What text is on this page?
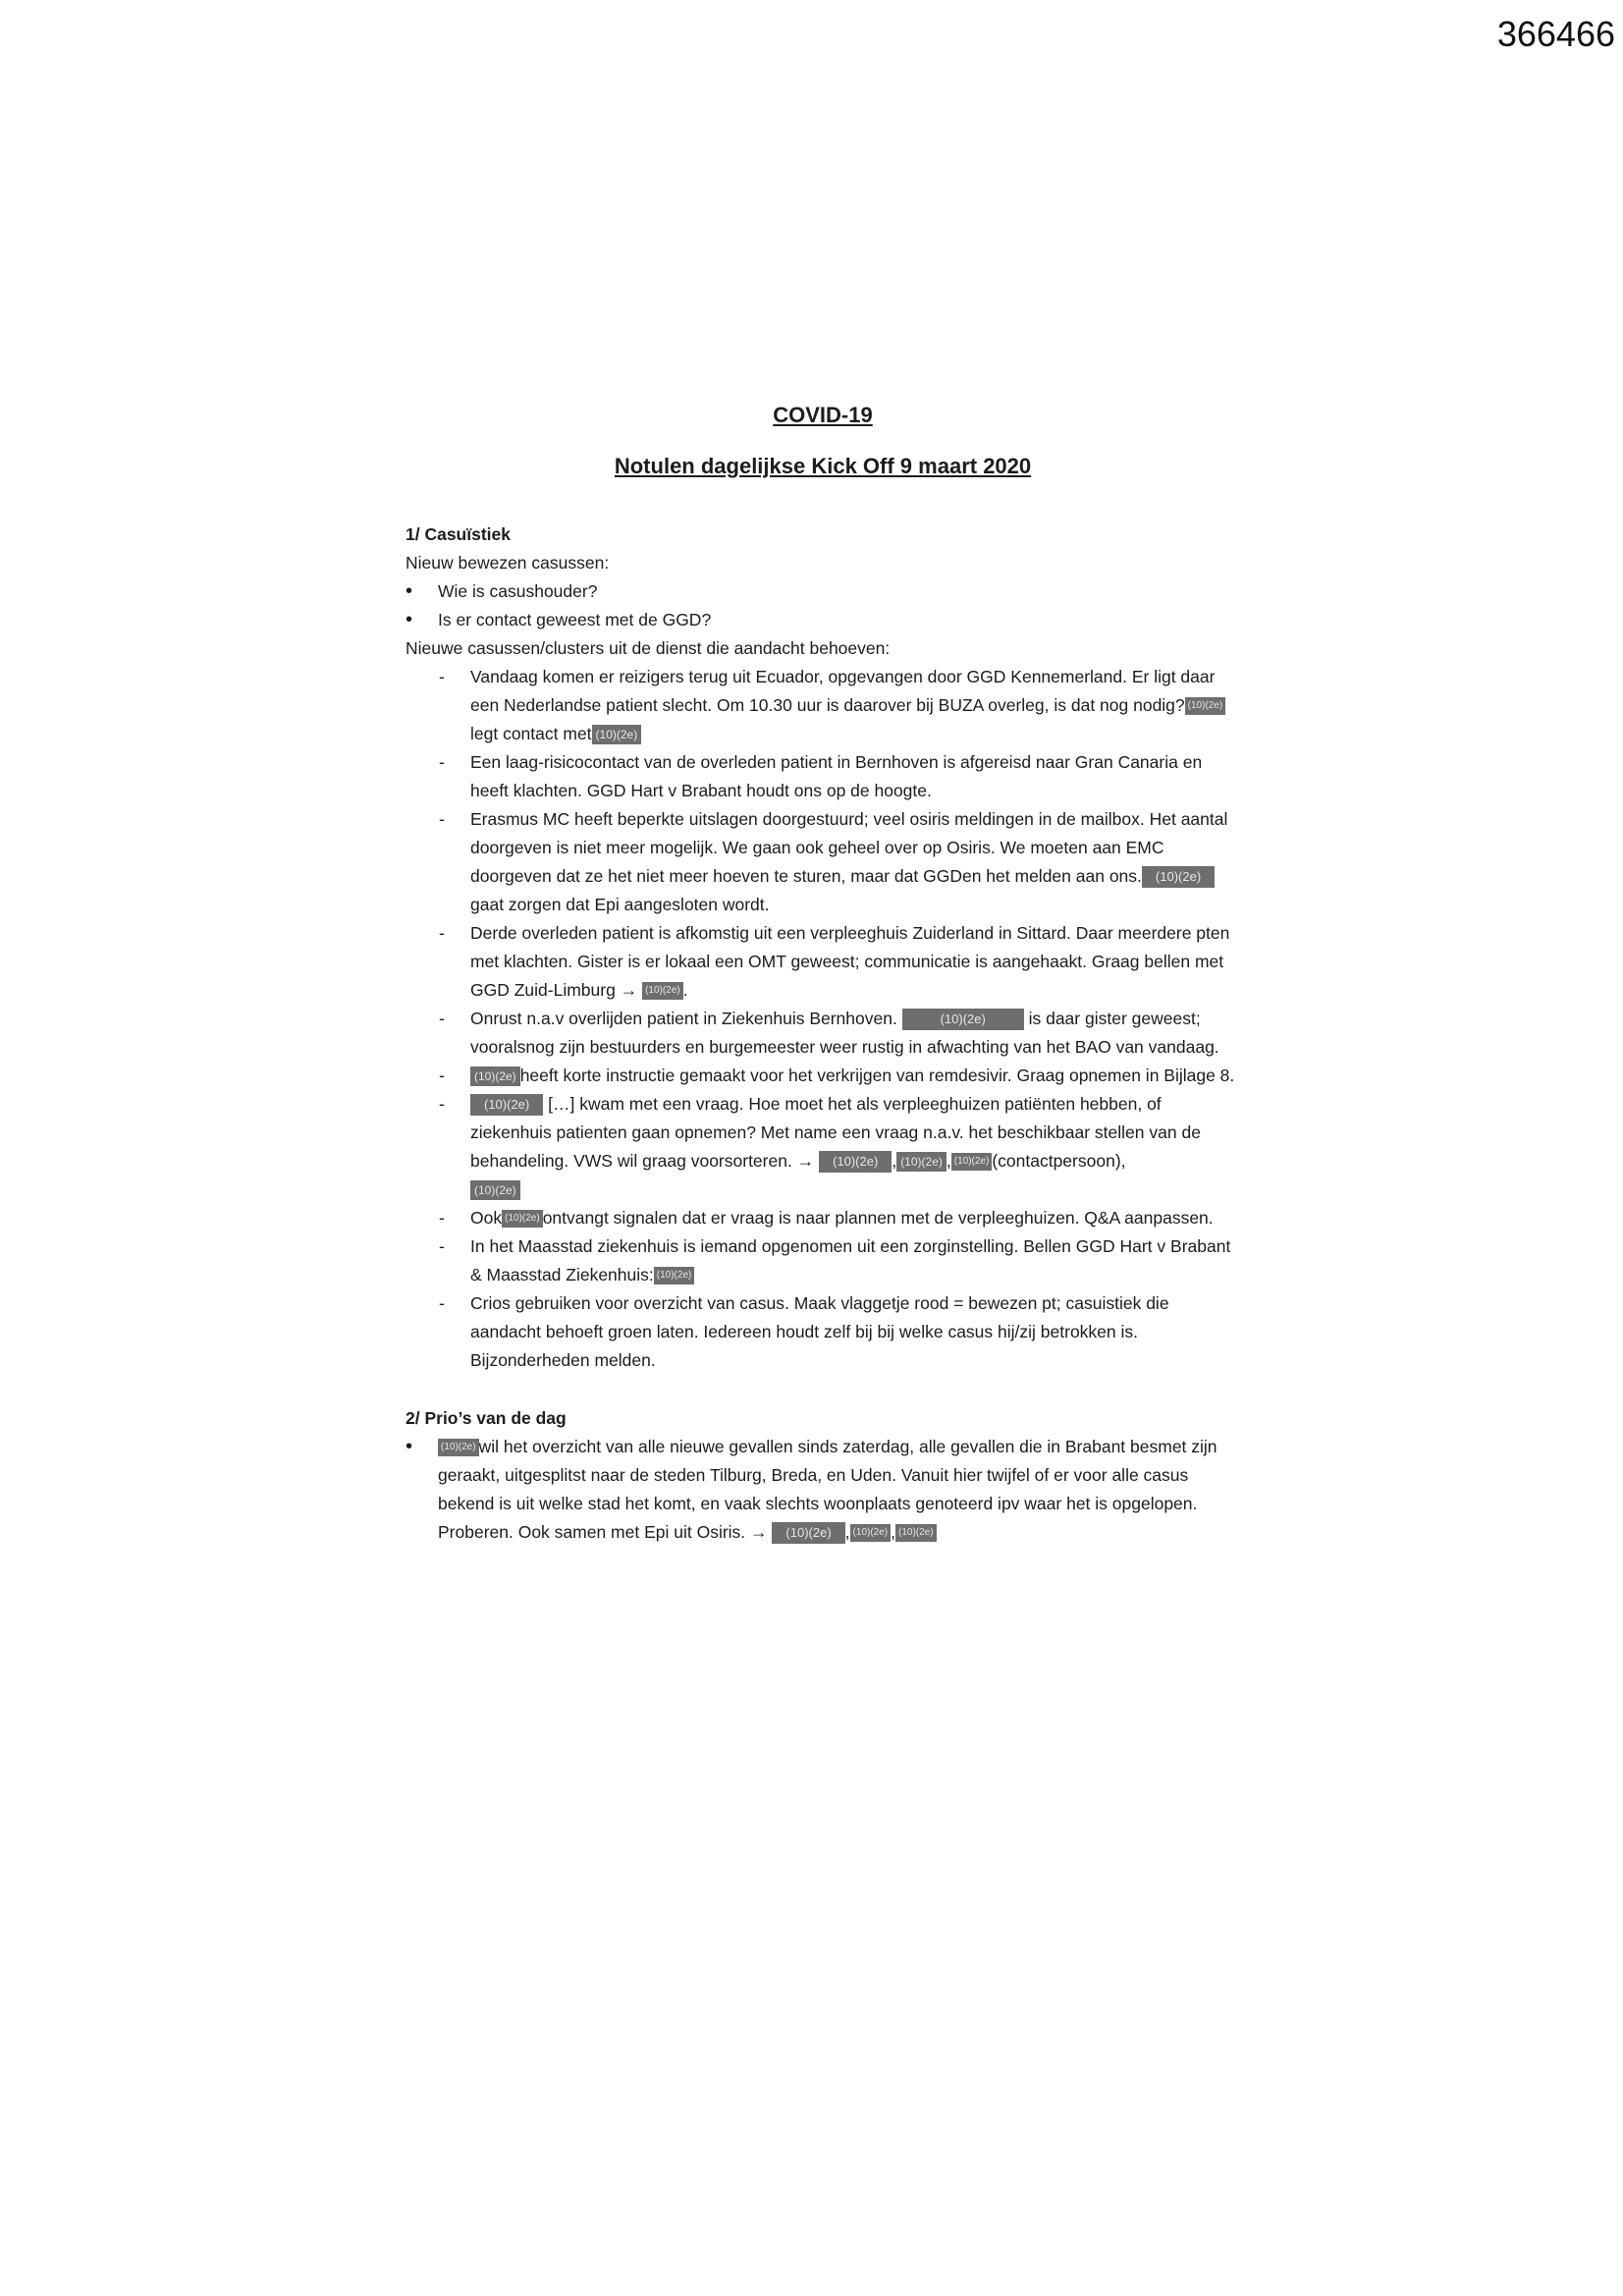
366466
COVID-19
Notulen dagelijkse Kick Off 9 maart 2020

1/ Casuïstiek

Nieuw bewezen casussen:

• Wie is casushouder?
• Is er contact geweest met de GGD?

Nieuwe casussen/clusters uit de dienst die aandacht behoeven:

- Vandaag komen er reizigers terug uit Ecuador, opgevangen door GGD Kennemerland. Er ligt daar een Nederlandse patient slecht. Om 10.30 uur is daarover bij BUZA overleg, is dat nog nodig? (10)(2e)legt contact met (10)(2e)
- Een laag-risicocontact van de overleden patient in Bernhoven is afgereisd naar Gran Canaria en heeft klachten. GGD Hart v Brabant houdt ons op de hoogte.
- Erasmus MC heeft beperkte uitslagen doorgestuurd; veel osiris meldingen in de mailbox. Het aantal doorgeven is niet meer mogelijk. We gaan ook geheel over op Osiris. We moeten aan EMC doorgeven dat ze het niet meer hoeven te sturen, maar dat GGDen het melden aan ons. (10)(2e)gaat zorgen dat Epi aangesloten wordt.
- Derde overleden patient is afkomstig uit een verpleeghuis Zuiderland in Sittard. Daar meerdere pten met klachten. Gister is er lokaal een OMT geweest; communicatie is aangehaakt. Graag bellen met GGD Zuid-Limburg → (10)(2e) .
- Onrust n.a.v overlijden patient in Ziekenhuis Bernhoven.	(10)(2e)	is daar gister geweest; vooralsnog zijn bestuurders en burgemeester weer rustig in afwachting van het BAO van vandaag.
- (10)(2e) heeft korte instructie gemaakt voor het verkrijgen van remdesivir. Graag opnemen in Bijlage 8.
- (10)(2e) […] kwam met een vraag. Hoe moet het als verpleeghuizen patiënten hebben, of ziekenhuis patienten gaan opnemen? Met name een vraag n.a.v. het beschikbaar stellen van de behandeling. VWS wil graag voorsorteren. → (10)(2e) , (10)(2e) , (10)(2e) (contactpersoon),
(10)(2e)
- Ook (10)(2e) ontvangt signalen dat er vraag is naar plannen met de verpleeghuizen. Q&A aanpassen.
- In het Maasstad ziekenhuis is iemand opgenomen uit een zorginstelling. Bellen GGD Hart v Brabant & Maasstad Ziekenhuis: (10)(2e)
- Crios gebruiken voor overzicht van casus. Maak vlaggetje rood = bewezen pt; casuistiek die aandacht behoeft groen laten. Iedereen houdt zelf bij bij welke casus hij/zij betrokken is. Bijzonderheden melden.

2/ Prio’s van de dag

• (10)(2e) wil het overzicht van alle nieuwe gevallen sinds zaterdag, alle gevallen die in Brabant besmet zijn geraakt, uitgesplitst naar de steden Tilburg, Breda, en Uden. Vanuit hier twijfel of er voor alle casus bekend is uit welke stad het komt, en vaak slechts woonplaats genoteerd ipv waar het is opgelopen. Proberen. Ook samen met Epi uit Osiris. → (10)(2e) , (10)(2e) , (10)(2e)
